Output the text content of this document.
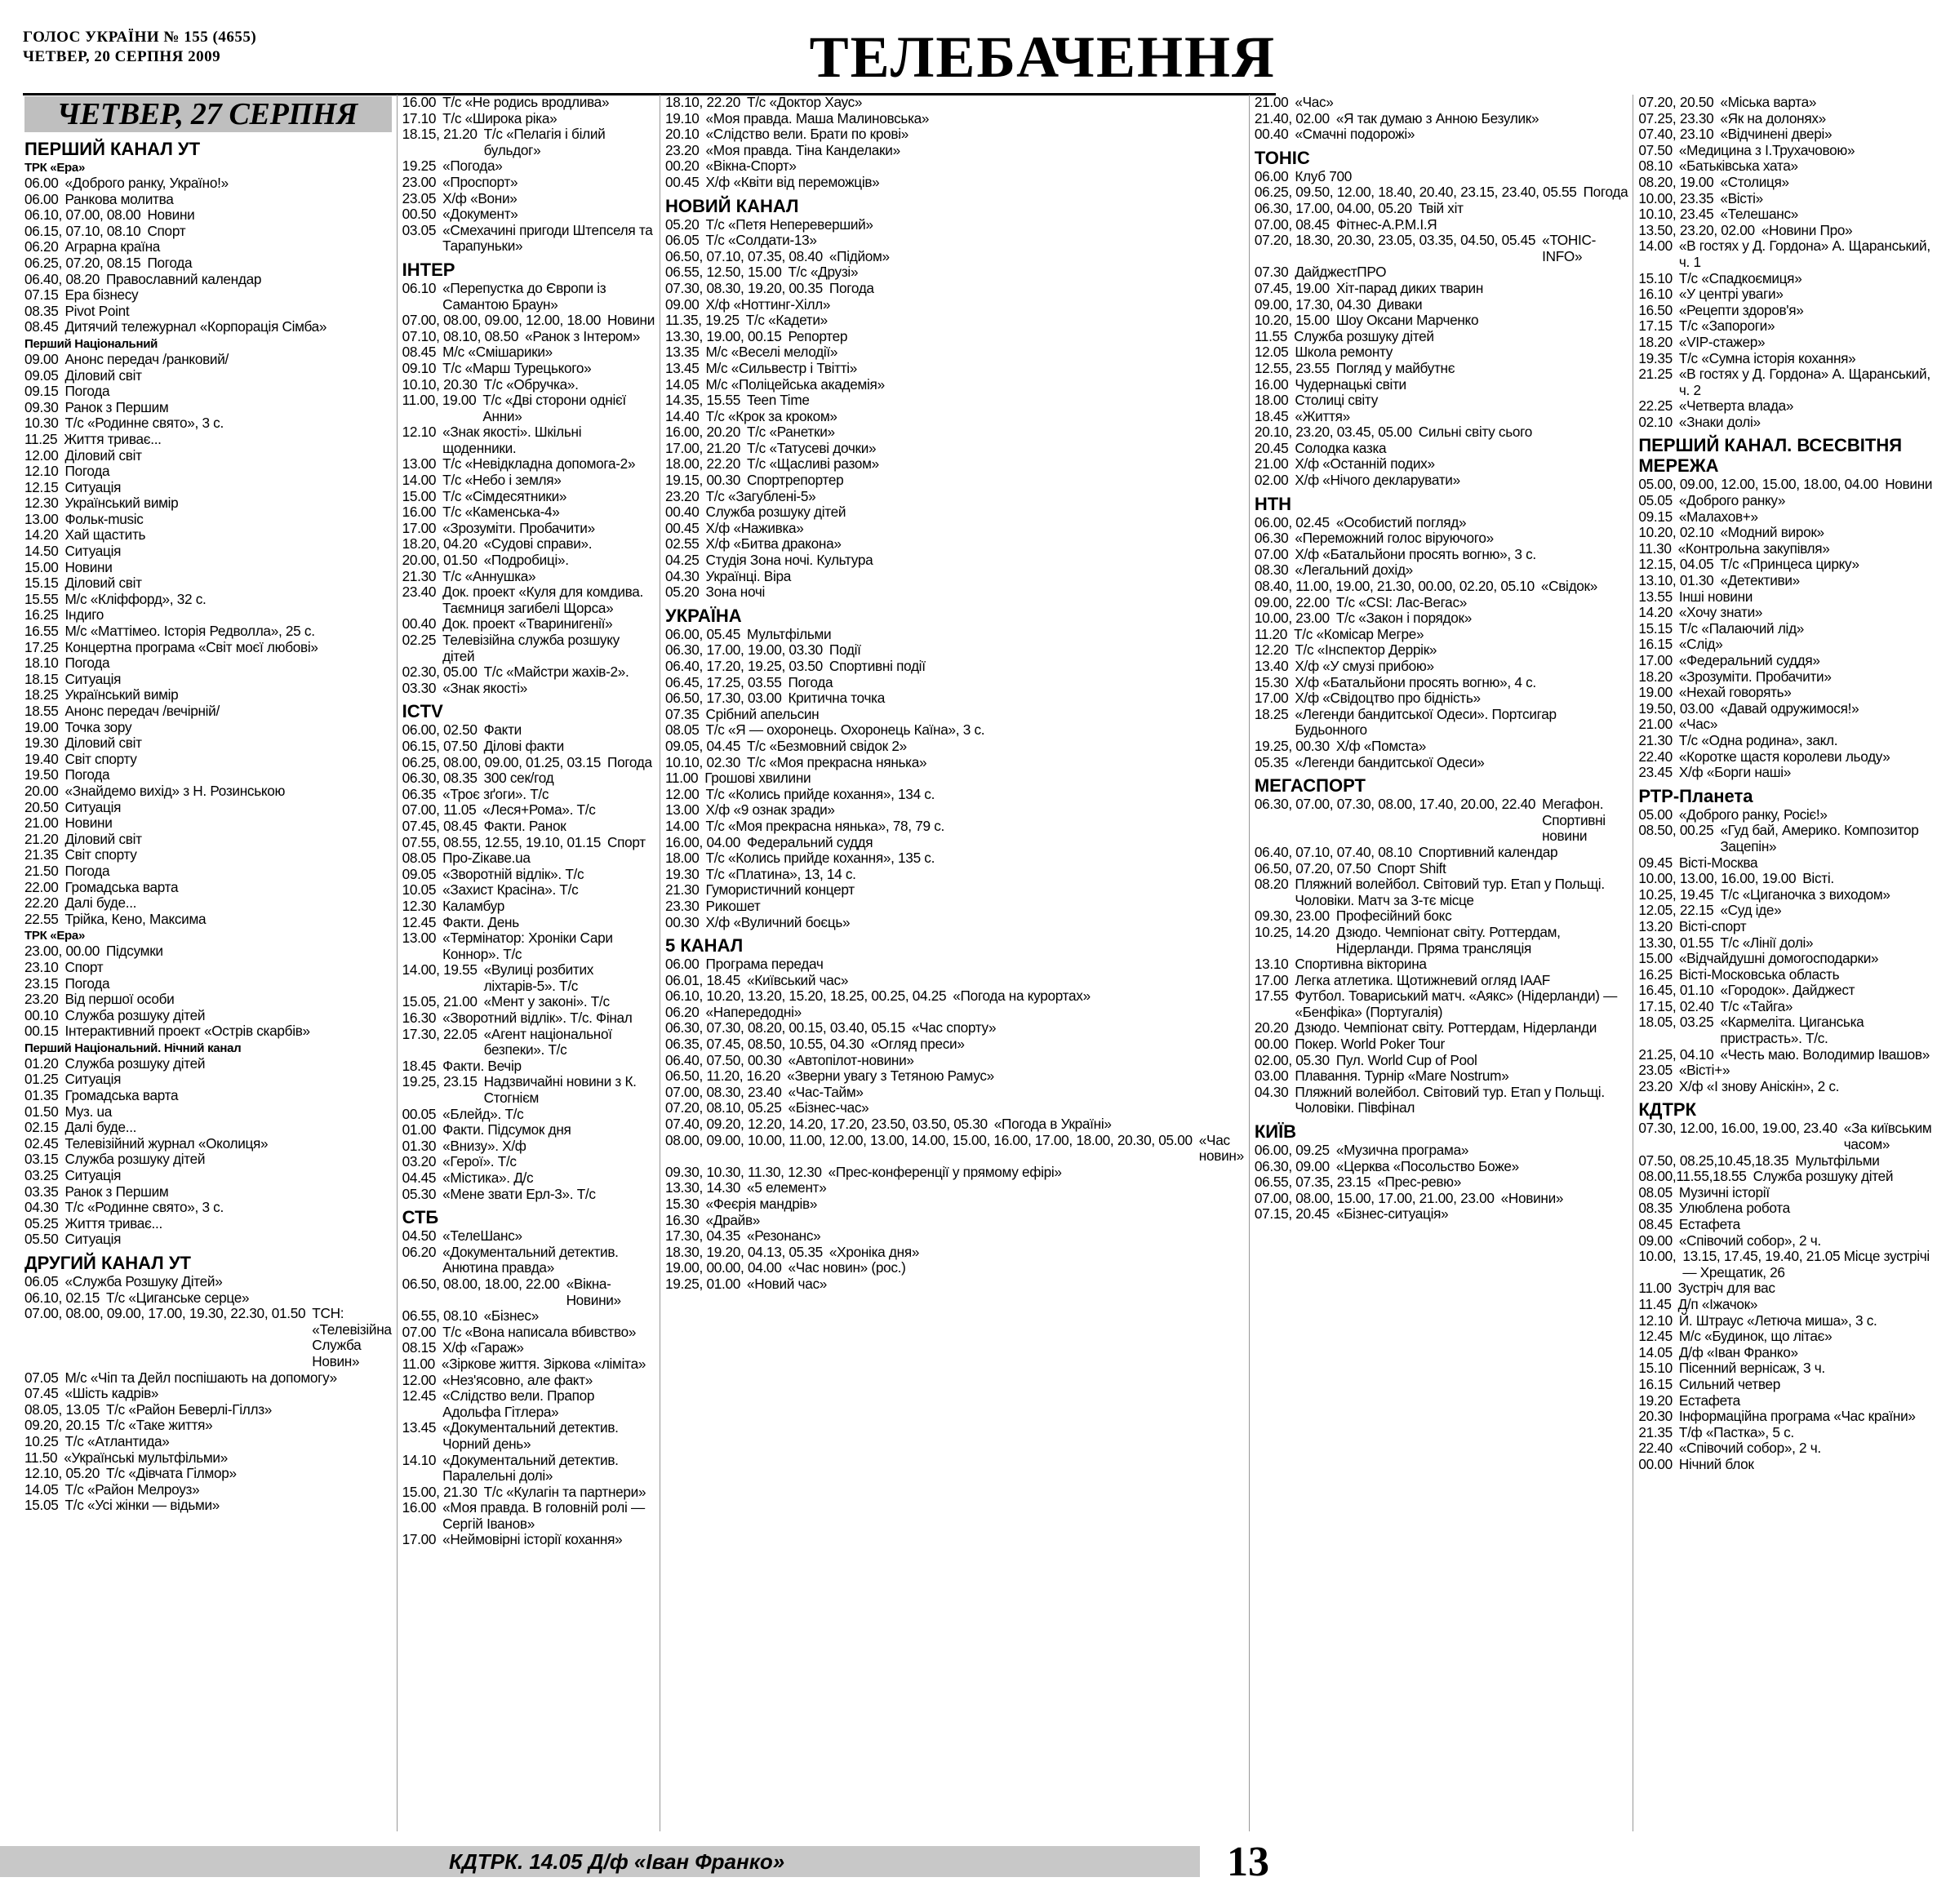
ГОЛОС УКРАЇНИ № 155 (4655)
ЧЕТВЕР, 20 СЕРПНЯ 2009	ТЕЛЕБАЧЕННЯ
ЧЕТВЕР, 27 СЕРПНЯ
ПЕРШИЙ КАНАЛ УТ
ТРК «Ера»
06.00 «Доброго ранку, Україно!»
06.00 Ранкова молитва
06.10, 07.00, 08.00 Новини
06.15, 07.10, 08.10 Спорт
06.20 Аграрна країна
06.25, 07.20, 08.15 Погода
06.40, 08.20 Православний календар
07.15 Ера бізнесу
08.35 Pivot Point
08.45 Дитячий тележурнал «Корпорація Сімба»
Перший Національний
09.00 Анонс передач /ранковий/
09.05 Діловий світ
09.15 Погода
09.30 Ранок з Першим
10.30 Т/с «Родинне свято», 3 с.
11.25 Життя триває...
12.00 Діловий світ
12.10 Погода
12.15 Ситуація
12.30 Український вимір
13.00 Фольк-music
14.20 Хай щастить
14.50 Ситуація
15.00 Новини
15.15 Діловий світ
15.55 М/с «Кліффорд», 32 с.
16.25 Індиго
16.55 М/с «Маттімео. Історія Редволла», 25 с.
17.25 Концертна програма «Світ моєї любові»
18.10 Погода
18.15 Ситуація
18.25 Український вимір
18.55 Анонс передач /вечірній/
19.00 Точка зору
19.30 Діловий світ
19.40 Світ спорту
19.50 Погода
20.00 «Знайдемо вихід» з Н. Розинською
20.50 Ситуація
21.00 Новини
21.20 Діловий світ
21.35 Світ спорту
21.50 Погода
22.00 Громадська варта
22.20 Далі буде...
22.55 Трійка, Кено, Максима
ТРК «Ера»
23.00, 00.00 Підсумки
23.10 Спорт
23.15 Погода
23.20 Від першої особи
00.10 Служба розшуку дітей
00.15 Інтерактивний проект «Острів скарбів»
Перший Національний. Нічний канал
01.20 Служба розшуку дітей
01.25 Ситуація
01.35 Громадська варта
01.50 Муз. ua
02.15 Далі буде...
02.45 Телевізійний журнал «Околиця»
03.15 Служба розшуку дітей
03.25 Ситуація
03.35 Ранок з Першим
04.30 Т/с «Родинне свято», 3 с.
05.25 Життя триває...
05.50 Ситуація
ДРУГИЙ КАНАЛ УТ
06.05 «Служба Розшуку Дітей»
06.10, 02.15 Т/с «Циганське серце»
07.00, 08.00, 09.00, 17.00, 19.30, 22.30, 01.50 ТСН: «Телевізійна Служба Новин»
07.05 М/с «Чіп та Дейл поспішають на допомогу»
07.45 «Шість кадрів»
08.05, 13.05 Т/с «Район Беверлі-Гіллз»
09.20, 20.15 Т/с «Таке життя»
10.25 Т/с «Атлантида»
11.50 «Українські мультфільми»
12.10, 05.20 Т/с «Дівчата Гілмор»
14.05 Т/с «Район Мелроуз»
15.05 Т/с «Усі жінки — відьми»
16.00 Т/с «Не родись вродлива»
17.10 Т/с «Широка ріка»
18.15, 21.20 Т/с «Пелагія і білий бульдог»
19.25 «Погода»
23.00 «Проспорт»
23.05 Х/ф «Вони»
00.50 «Документ»
03.05 «Смехачині пригоди Штепселя та Тарапуньки»
ІНТЕР
06.10 «Перепустка до Європи із Самантою Браун»
07.00, 08.00, 09.00, 12.00, 18.00 Новини
07.10, 08.10, 08.50 «Ранок з Інтером»
08.45 М/с «Смішарики»
09.10 Т/с «Марш Турецького»
10.10, 20.30 Т/с «Обручка».
11.00, 19.00 Т/с «Дві сторони однієї Анни»
12.10 «Знак якості». Шкільні щоденники.
13.00 Т/с «Невідкладна допомога-2»
14.00 Т/с «Небо і земля»
15.00 Т/с «Сімдесятники»
16.00 Т/с «Каменська-4»
17.00 «Зрозуміти. Пробачити»
18.20, 04.20 «Судові справи».
20.00, 01.50 «Подробиці».
21.30 Т/с «Аннушка»
23.40 Док. проект «Куля для комдива. Таємниця загибелі Щорса»
00.40 Док. проект «Тваринигенії»
02.25 Телевізійна служба розшуку дітей
02.30, 05.00 Т/с «Майстри жахів-2».
03.30 «Знак якості»
ICTV
06.00, 02.50 Факти
06.15, 07.50 Ділові факти
06.25, 08.00, 09.00, 01.25, 03.15 Погода
06.30, 08.35 300 сек/год
06.35 «Троє зґоги». Т/с
07.00, 11.05 «Леся+Рома». Т/с
07.45, 08.45 Факти. Ранок
07.55, 08.55, 12.55, 19.10, 01.15 Спорт
08.05 Про-Zікаве.ua
09.05 «Зворотній відлік». Т/с
10.05 «Захист Красіна». Т/с
12.30 Каламбур
12.45 Факти. День
13.00 «Термінатор: Хроніки Сари Коннор». Т/с
14.00, 19.55 «Вулиці розбитих ліхтарів-5». Т/с
15.05, 21.00 «Мент у законі». Т/с
16.30 «Зворотний відлік». Т/с. Фінал
17.30, 22.05 «Агент національної безпеки». Т/с
18.45 Факти. Вечір
19.25, 23.15 Надзвичайні новини з К. Стогнієм
00.05 «Блейд». Т/с
01.00 Факти. Підсумок дня
01.30 «Внизу». Х/ф
03.20 «Герої». Т/с
04.45 «Містика». Д/с
05.30 «Мене звати Ерл-3». Т/с
СТБ
04.50 «ТелеШанс»
06.20 «Документальний детектив. Анютина правда»
06.50, 08.00, 18.00, 22.00 «Вікна-Новини»
06.55, 08.10 «Бізнес»
07.00 Т/с «Вона написала вбивство»
08.15 Х/ф «Гараж»
11.00 «Зіркове життя. Зіркова «лімітa»
12.00 «Нез'ясовно, але факт»
12.45 «Слідство вели. Прапор Адольфа Гітлера»
13.45 «Документальний детектив. Чорний день»
14.10 «Документальний детектив. Паралельні долі»
15.00, 21.30 Т/с «Кулагін та партнери»
16.00 «Моя правда. В головній ролі — Сергій Іванов»
17.00 «Неймовірні історії кохання»
18.10, 22.20 Т/с «Доктор Хаус»
19.10 «Моя правда. Маша Малиновська»
20.10 «Слідство вели. Брати по крові»
23.20 «Моя правда. Тіна Канделаки»
00.20 «Вікна-Спорт»
00.45 Х/ф «Квіти від переможців»
НОВИЙ КАНАЛ
05.20 Т/с «Петя Непереверший»
06.05 Т/с «Солдати-13»
06.50, 07.10, 07.35, 08.40 «Підйом»
06.55, 12.50, 15.00 Т/с «Друзі»
07.30, 08.30, 19.20, 00.35 Погода
09.00 Х/ф «Ноттинг-Хілл»
11.35, 19.25 Т/с «Кадети»
13.30, 19.00, 00.15 Репортер
13.35 М/с «Веселі мелодії»
13.45 М/с «Сильвестр і Твітті»
14.05 М/с «Поліцейська академія»
14.35, 15.55 Teen Time
14.40 Т/с «Крок за кроком»
16.00, 20.20 Т/с «Ранетки»
17.00, 21.20 Т/с «Татусеві дочки»
18.00, 22.20 Т/с «Щасливі разом»
19.15, 00.30 Спортрепортер
23.20 Т/с «Загублені-5»
00.40 Служба розшуку дітей
00.45 Х/ф «Наживка»
02.55 Х/ф «Битва дракона»
04.25 Студія Зона ночі. Культура
04.30 Українці. Віра
05.20 Зона ночі
УКРАЇНА
06.00, 05.45 Мультфільми
06.30, 17.00, 19.00, 03.30 Події
06.40, 17.20, 19.25, 03.50 Спортивні події
06.45, 17.25, 03.55 Погода
06.50, 17.30, 03.00 Критична точка
07.35 Срібний апельсин
08.05 Т/с «Я — охоронець. Охоронець Каїна», 3 с.
09.05, 04.45 Т/с «Безмовний свідок 2»
10.10, 02.30 Т/с «Моя прекрасна нянька»
11.00 Грошові хвилини
12.00 Т/с «Колись прийде кохання», 134 с.
13.00 Х/ф «9 ознак зради»
14.00 Т/с «Моя прекрасна нянька», 78, 79 с.
16.00, 04.00 Федеральний суддя
18.00 Т/с «Колись прийде кохання», 135 с.
19.30 Т/с «Платина», 13, 14 с.
21.30 Гумористичний концерт
23.30 Рикошет
00.30 Х/ф «Вуличний боєць»
5 КАНАЛ
06.00 Програма передач
06.01, 18.45 «Київський час»
06.10, 10.20, 13.20, 15.20, 18.25, 00.25, 04.25 «Погода на курортах»
06.20 «Напередодні»
06.30, 07.30, 08.20, 00.15, 03.40, 05.15 «Час спорту»
06.35, 07.45, 08.50, 10.55, 04.30 «Огляд преси»
06.40, 07.50, 00.30 «Автопілот-новини»
06.50, 11.20, 16.20 «Зверни увагу з Тетяною Рамус»
07.00, 08.30, 23.40 «Час-Тайм»
07.20, 08.10, 05.25 «Бізнес-час»
07.40, 09.20, 12.20, 14.20, 17.20, 23.50, 03.50, 05.30 «Погода в Україні»
08.00, 09.00, 10.00, 11.00, 12.00, 13.00, 14.00, 15.00, 16.00, 17.00, 18.00, 20.30, 05.00 «Час новин»
09.30, 10.30, 11.30, 12.30 «Прес-конференції у прямому ефірі»
13.30, 14.30 «5 елемент»
15.30 «Феєрія мандрів»
16.30 «Драйв»
17.30, 04.35 «Резонанс»
18.30, 19.20, 04.13, 05.35 «Хроніка дня»
19.00, 00.00, 04.00 «Час новин» (рос.)
19.25, 01.00 «Новий час»
21.00 «Час»
21.40, 02.00 «Я так думаю з Анною Безулик»
00.40 «Смачні подорожі»
ТОНІС
06.00 Клуб 700
06.25, 09.50, 12.00, 18.40, 20.40, 23.15, 23.40, 05.55 Погода
06.30, 17.00, 04.00, 05.20 Твій хіт
07.00, 08.45 Фітнес-А.Р.М.І.Я
07.20, 18.30, 20.30, 23.05, 03.35, 04.50, 05.45 «ТОНІС-INFO»
07.30 ДайджестПРО
07.45, 19.00 Хіт-парад диких тварин
09.00, 17.30, 04.30 Диваки
10.20, 15.00 Шоу Оксани Марченко
11.55 Служба розшуку дітей
12.05 Школа ремонту
12.55, 23.55 Погляд у майбутнє
16.00 Чудернацькі світи
18.00 Столиці світу
18.45 «Життя»
20.10, 23.20, 03.45, 05.00 Сильні світу сього
20.45 Солодка казка
21.00 Х/ф «Останній подих»
02.00 Х/ф «Нічого декларувати»
НТН
06.00, 02.45 «Особистий погляд»
06.30 «Переможний голос віруючого»
07.00 Х/ф «Батальйони просять вогню», 3 с.
08.30 «Легальний дохід»
08.40, 11.00, 19.00, 21.30, 00.00, 02.20, 05.10 «Свідок»
09.00, 22.00 Т/с «CSI: Лас-Вегас»
10.00, 23.00 Т/с «Закон і порядок»
11.20 Т/с «Комісар Мегре»
12.20 Т/с «Інспектор Деррік»
13.40 Х/ф «У смузі прибою»
15.30 Х/ф «Батальйони просять вогню», 4 с.
17.00 Х/ф «Свідоцтво про бідність»
18.25 «Легенди бандитської Одеси». Портсигар Будьонного
19.25, 00.30 Х/ф «Помста»
05.35 «Легенди бандитської Одеси»
МЕГАСПОРТ
06.30, 07.00, 07.30, 08.00, 17.40, 20.00, 22.40 Мегафон. Спортивні новини
06.40, 07.10, 07.40, 08.10 Спортивний календар
06.50, 07.20, 07.50 Спорт Shift
08.20 Пляжний волейбол. Світовий тур. Етап у Польщі. Чоловіки. Матч за 3-тє місце
09.30, 23.00 Професійний бокс
10.25, 14.20 Дзюдо. Чемпіонат світу. Роттердам, Нідерланди. Пряма трансляція
13.10 Спортивна вікторина
17.00 Легка атлетика. Щотижневий огляд IAAF
17.55 Футбол. Товариський матч. «Аякс» (Нідерланди) — «Бенфіка» (Португалія)
20.20 Дзюдо. Чемпіонат світу. Роттердам, Нідерланди
00.00 Покер. World Poker Tour
02.00, 05.30 Пул. World Cup of Pool
03.00 Плавання. Турнір «Mare Nostrum»
04.30 Пляжний волейбол. Світовий тур. Етап у Польщі. Чоловіки. Півфінал
КИЇВ
06.00, 09.25 «Музична програма»
06.30, 09.00 «Церква «Посольство Боже»
06.55, 07.35, 23.15 «Прес-ревю»
07.00, 08.00, 15.00, 17.00, 21.00, 23.00 «Новини»
07.15, 20.45 «Бізнес-ситуація»
07.20, 20.50 «Міська варта»
07.25, 23.30 «Як на долонях»
07.40, 23.10 «Відчинені двері»
07.50 «Медицина з І.Трухачовою»
08.10 «Батьківська хата»
08.20, 19.00 «Столиця»
10.00, 23.35 «Вісті»
10.10, 23.45 «Телешанс»
13.50, 23.20, 02.00 «Новини Про»
14.00 «В гостях у Д. Гордона» А. Щаранський, ч. 1
15.10 Т/с «Спадкоємиця»
16.10 «У центрі уваги»
16.50 «Рецепти здоров'я»
17.15 Т/с «Запороги»
18.20 «VIP-стажер»
19.35 Т/с «Сумна історія кохання»
21.25 «В гостях у Д. Гордона» А. Щаранський, ч. 2
22.25 «Четверта влада»
02.10 «Знаки долі»
ПЕРШИЙ КАНАЛ. ВСЕСВІТНЯ МЕРЕЖА
05.00, 09.00, 12.00, 15.00, 18.00, 04.00 Новини
05.05 «Доброго ранку»
09.15 «Малахов+»
10.20, 02.10 «Модний вирок»
11.30 «Контрольна закупівля»
12.15, 04.05 Т/с «Принцеса цирку»
13.10, 01.30 «Детективи»
13.55 Інші новини
14.20 «Хочу знати»
15.15 Т/с «Палаючий лід»
16.15 «Слід»
17.00 «Федеральний суддя»
18.20 «Зрозуміти. Пробачити»
19.00 «Нехай говорять»
19.50, 03.00 «Давай одружимося!»
21.00 «Час»
21.30 Т/с «Одна родина», закл.
22.40 «Коротке щастя королеви льоду»
23.45 Х/ф «Борги наші»
РТР-Планета
05.00 «Доброго ранку, Росіє!»
08.50, 00.25 «Гуд бай, Америко. Композитор Зацепін»
09.45 Вісті-Москва
10.00, 13.00, 16.00, 19.00 Вісті.
10.25, 19.45 Т/с «Циганочка з виходом»
12.05, 22.15 «Суд іде»
13.20 Вісті-спорт
13.30, 01.55 Т/с «Лінії долі»
15.00 «Відчайдушні домогосподарки»
16.25 Вісті-Московська область
16.45, 01.10 «Городок». Дайджест
17.15, 02.40 Т/с «Тайга»
18.05, 03.25 «Кармеліта. Циганська пристрасть». Т/с.
21.25, 04.10 «Честь маю. Володимир Івашов»
23.05 «Вісті+»
23.20 Х/ф «І знову Анiскін», 2 с.
КДТРК
07.30, 12.00, 16.00, 19.00, 23.40 «За київським часом»
07.50, 08.25,10.45,18.35 Мультфільми
08.00,11.55,18.55 Служба розшуку дітей
08.05 Музичні історії
08.35 Улюблена робота
08.45 Естафета
09.00 «Співочий собор», 2 ч.
10.00, 13.15, 17.45, 19.40, 21.05 Місце зустрічі — Хрещатик, 26
11.00 Зустріч для вас
11.45 Д/п «Іжачок»
12.10 Й. Штраус «Летюча миша», 3 с.
12.45 М/с «Будинок, що літає»
14.05 Д/ф «Іван Франко»
15.10 Пісенний вернісаж, 3 ч.
16.15 Сильний четвер
19.20 Естафета
20.30 Інформаційна програма «Час країни»
21.35 Т/ф «Пастка», 5 с.
22.40 «Співочий собор», 2 ч.
00.00 Нічний блок
КДТРК. 14.05 Д/ф «Іван Франко»	13
